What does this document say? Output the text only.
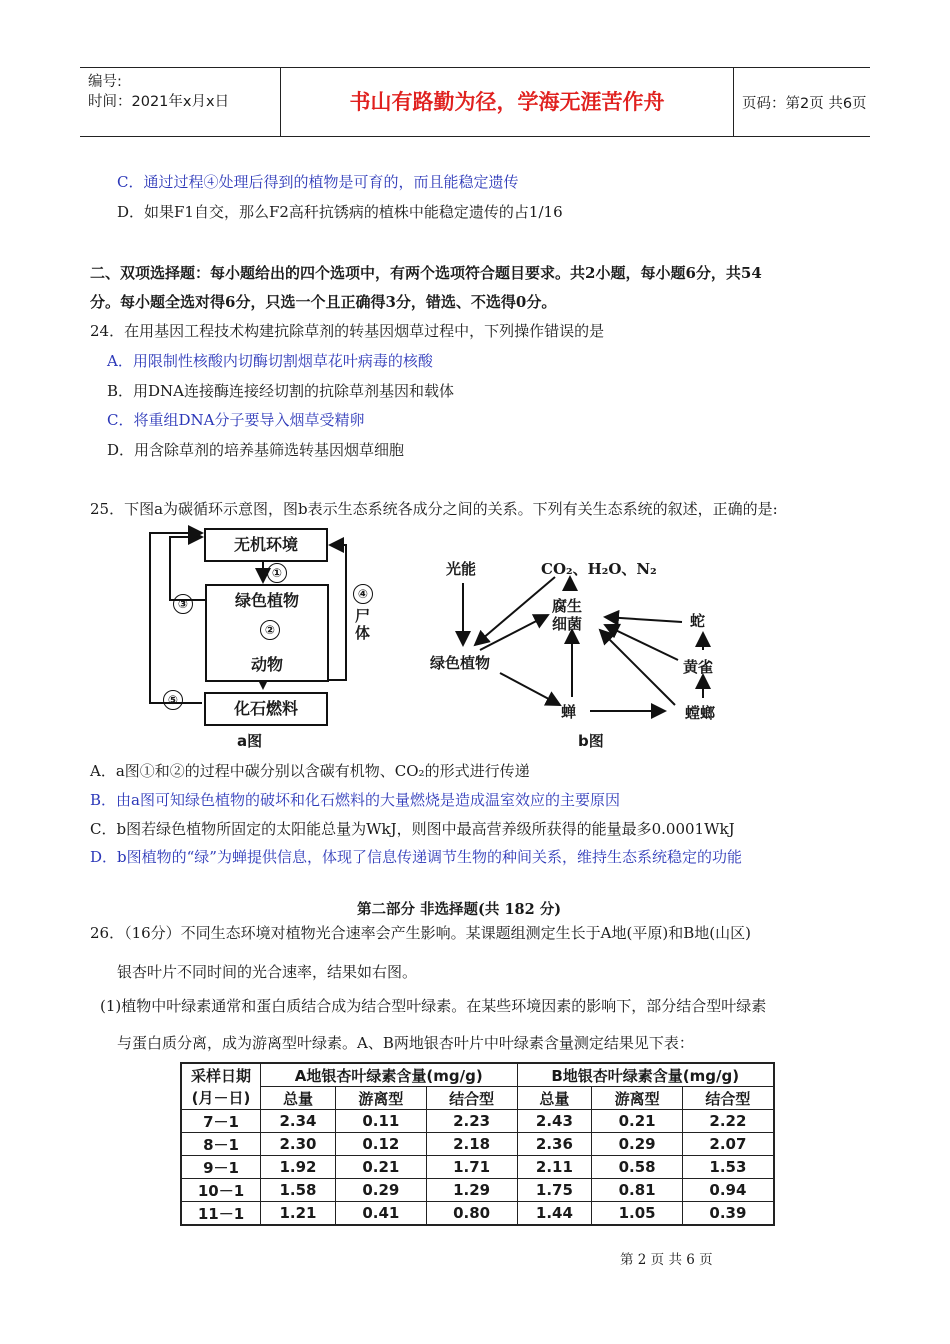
编号:
时间：2021年x月x日	书山有路勤为径，学海无涯苦作舟	页码：第2页 共6页
C．通过过程④处理后得到的植物是可育的，而且能稳定遗传
D．如果F1自交，那么F2高秆抗锈病的植株中能稳定遗传的占1/16
二、双项选择题：每小题给出的四个选项中，有两个选项符合题目要求。共2小题，每小题6分，共54
分。每小题全选对得6分，只选一个且正确得3分，错选、不选得0分。
24．在用基因工程技术构建抗除草剂的转基因烟草过程中，下列操作错误的是
A．用限制性核酸内切酶切割烟草花叶病毒的核酸
B．用DNA连接酶连接经切割的抗除草剂基因和载体
C．将重组DNA分子要导入烟草受精卵
D．用含除草剂的培养基筛选转基因烟草细胞
25．下图a为碳循环示意图，图b表示生态系统各成分之间的关系。下列有关生态系统的叙述，正确的是:
无机环境
绿色植物
动物
化石燃料
①
②
③
④
尸
体
⑤
a图
光能	CO₂、H₂O、N₂
腐生
细菌
绿色植物
蛇
黄雀
蝉	螳螂
b图
A．a图①和②的过程中碳分别以含碳有机物、CO₂的形式进行传递
B．由a图可知绿色植物的破坏和化石燃料的大量燃烧是造成温室效应的主要原因
C．b图若绿色植物所固定的太阳能总量为WkJ，则图中最高营养级所获得的能量最多0.0001WkJ
D．b图植物的“绿”为蝉提供信息，体现了信息传递调节生物的种间关系，维持生态系统稳定的功能
第二部分 非选择题(共 182 分)
26．（16分）不同生态环境对植物光合速率会产生影响。某课题组测定生长于A地(平原)和B地(山区)
银杏叶片不同时间的光合速率，结果如右图。
(1)植物中叶绿素通常和蛋白质结合成为结合型叶绿素。在某些环境因素的影响下，部分结合型叶绿素
与蛋白质分离，成为游离型叶绿素。A、B两地银杏叶片中叶绿素含量测定结果见下表：
采样日期
(月－日)	A地银杏叶绿素含量(mg/g)			B地银杏叶绿素含量(mg/g)		
	总量	游离型	结合型	总量	游离型	结合型
7－1	2.34	0.11	2.23	2.43	0.21	2.22
8－1	2.30	0.12	2.18	2.36	0.29	2.07
9－1	1.92	0.21	1.71	2.11	0.58	1.53
10－1	1.58	0.29	1.29	1.75	0.81	0.94
11－1	1.21	0.41	0.80	1.44	1.05	0.39
第 2 页 共 6 页
